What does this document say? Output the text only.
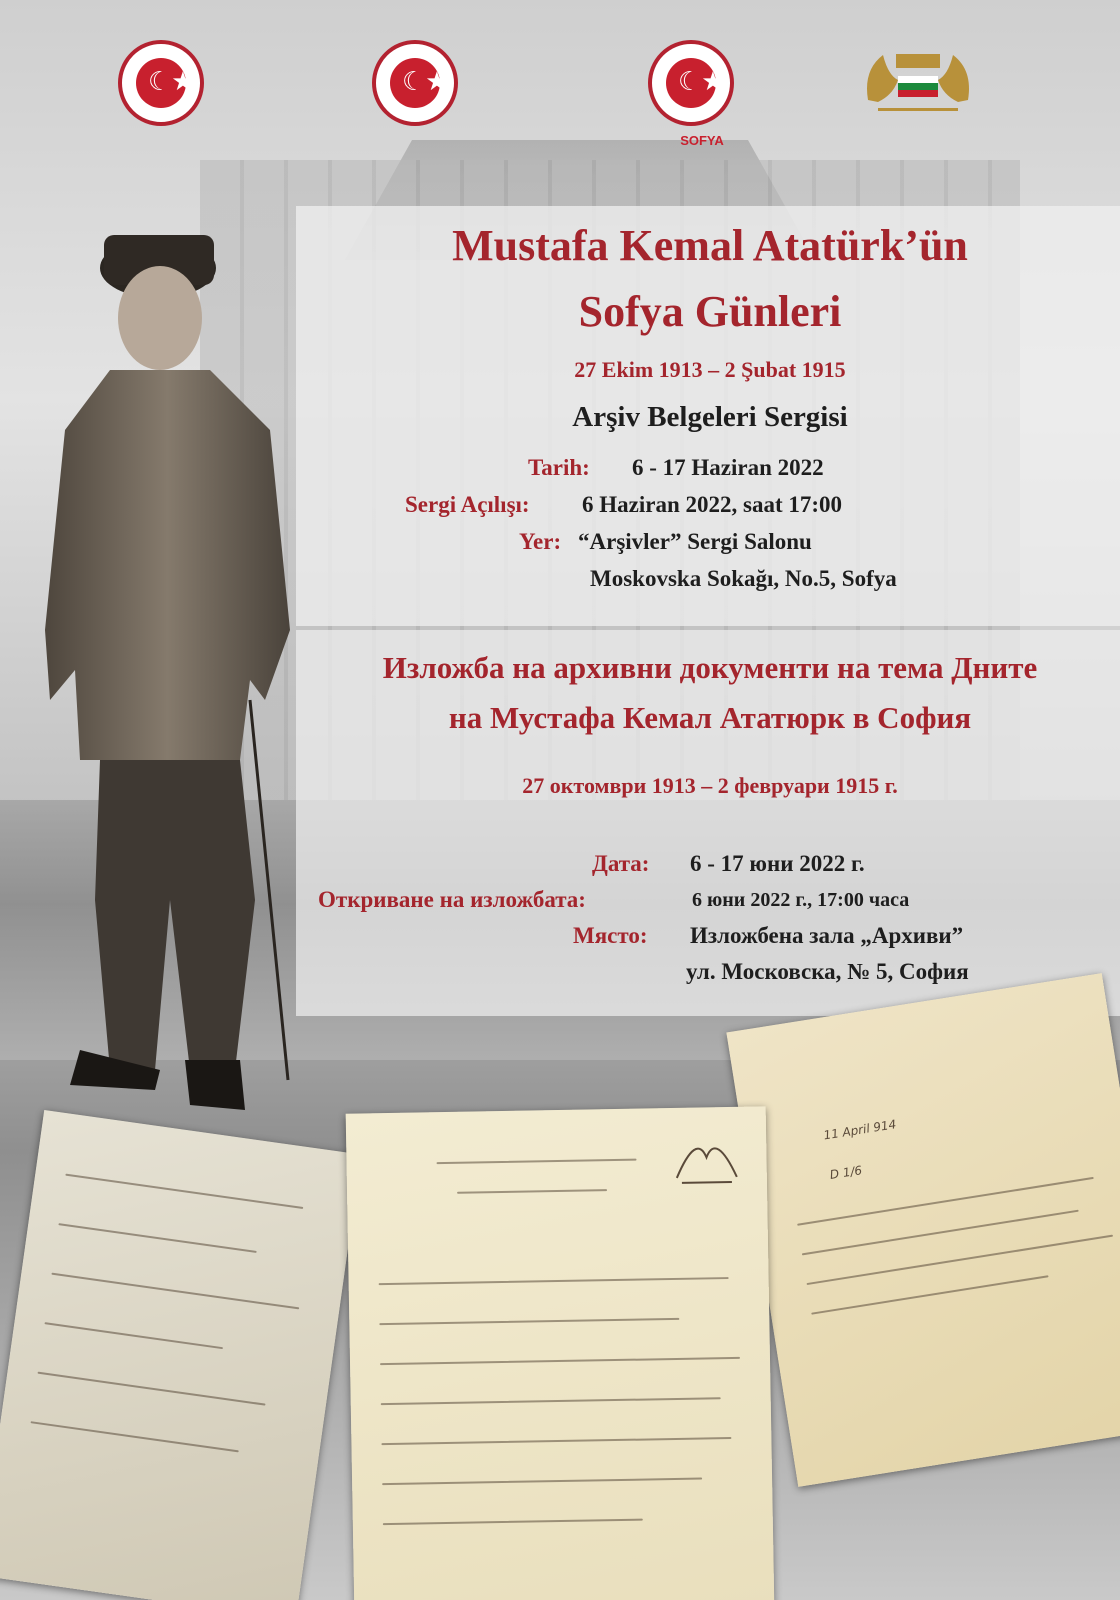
☾★	☾★	☾★
SOFYA
Mustafa Kemal Atatürk’ün
Sofya Günleri
27 Ekim 1913 – 2 Şubat 1915
Arşiv Belgeleri Sergisi
Tarih: 6 - 17 Haziran 2022
Sergi Açılışı: 6 Haziran 2022, saat 17:00
Yer: “Arşivler” Sergi Salonu
Moskovska Sokağı, No.5, Sofya
Изложба на архивни документи на тема Дните
на Мустафа Кемал Ататюрк в София
27 октомври 1913 – 2 февруари 1915 г.
Дата: 6 - 17 юни 2022 г.
Откриване на изложбата:	6 юни 2022 г., 17:00 часа
Място: Изложбена зала „Архиви”
ул. Московска, № 5, София
11 April 914
D 1/6
